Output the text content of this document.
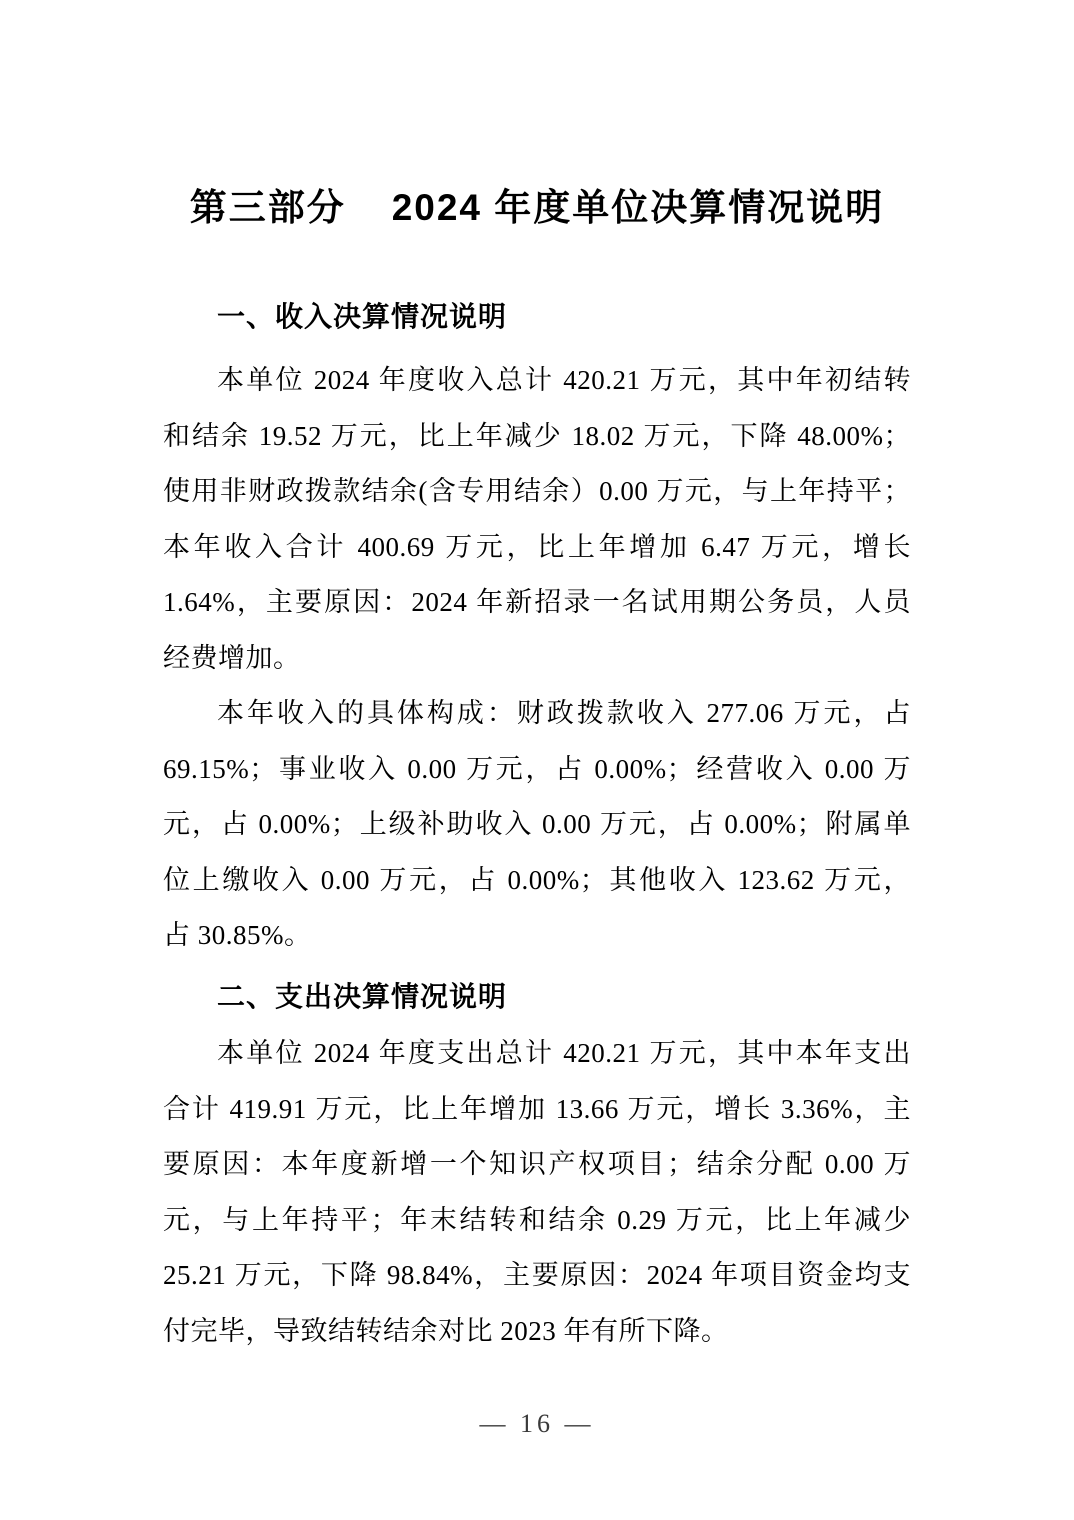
第三部分 2024 年度单位决算情况说明
一、收入决算情况说明
本单位 2024 年度收入总计 420.21 万元，其中年初结转
和结余 19.52 万元，比上年减少 18.02 万元，下降 48.00%；
使用非财政拨款结余(含专用结余）0.00 万元，与上年持平；
本年收入合计 400.69 万元，比上年增加 6.47 万元，增长
1.64%，主要原因：2024 年新招录一名试用期公务员，人员
经费增加。
本年收入的具体构成：财政拨款收入 277.06 万元，占
69.15%；事业收入 0.00 万元，占 0.00%；经营收入 0.00 万
元，占 0.00%；上级补助收入 0.00 万元，占 0.00%；附属单
位上缴收入 0.00 万元，占 0.00%；其他收入 123.62 万元，
占 30.85%。
二、支出决算情况说明
本单位 2024 年度支出总计 420.21 万元，其中本年支出
合计 419.91 万元，比上年增加 13.66 万元，增长 3.36%，主
要原因：本年度新增一个知识产权项目；结余分配 0.00 万
元，与上年持平；年末结转和结余 0.29 万元，比上年减少
25.21 万元，下降 98.84%，主要原因：2024 年项目资金均支
付完毕，导致结转结余对比 2023 年有所下降。
— 16 —
